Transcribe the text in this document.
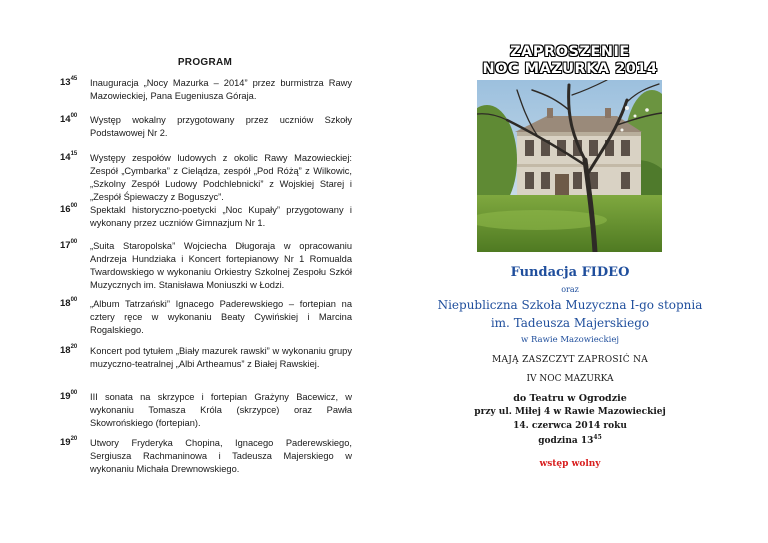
PROGRAM
$13^{45}$ Inauguracja „Nocy Mazurka – 2014” przez burmistrza Rawy Mazowieckiej, Pana Eugeniusza Góraja.
$14^{00}$ Występ wokalny przygotowany przez uczniów Szkoły Podstawowej Nr 2.
$14^{15}$ Występy zespołów ludowych z okolic Rawy Mazowieckiej: Zespół „Cymbarka” z Cielądza, zespół „Pod Różą” z Wilkowic, „Szkolny Zespół Ludowy Podchlebnicki” z Wojskiej Starej i „Zespół Śpiewaczy z Boguszyc”.
$16^{00}$ Spektakl historyczno-poetycki „Noc Kupały” przygotowany i wykonany przez uczniów Gimnazjum Nr 1.
$17^{00}$ „Suita Staropolska” Wojciecha Długoraja w opracowaniu Andrzeja Hundziaka i Koncert fortepianowy Nr 1 Romualda Twardowskiego w wykonaniu Orkiestry Szkolnej Zespołu Szkół Muzycznych im. Stanisława Moniuszki w Łodzi.
$18^{00}$ „Album Tatrzański” Ignacego Paderewskiego – fortepian na cztery ręce w wykonaniu Beaty Cywińskiej i Marcina Rogalskiego.
$18^{20}$ Koncert pod tytułem „Biały mazurek rawski” w wykonaniu grupy muzyczno-teatralnej „Albi Artheamus” z Białej Rawskiej.
$19^{00}$ III sonata na skrzypce i fortepian Grażyny Bacewicz, w wykonaniu Tomasza Króla (skrzypce) oraz Pawła Skowrońskiego (fortepian).
$19^{20}$ Utwory Fryderyka Chopina, Ignacego Paderewskiego, Sergiusza Rachmaninowa i Tadeusza Majerskiego w wykonaniu Michała Drewnowskiego.
ZAPROSZENIE
NOC MAZURKA 2014
Fundacja FIDEO
oraz
Niepubliczna Szkoła Muzyczna I-go stopnia
im. Tadeusza Majerskiego
w Rawie Mazowieckiej
MAJĄ ZASZCZYT ZAPROSIĆ NA
IV NOC MAZURKA
do Teatru w Ogrodzie
przy ul. Miłej 4 w Rawie Mazowieckiej
14. czerwca 2014 roku
godzina $13^{45}$
wstęp wolny
